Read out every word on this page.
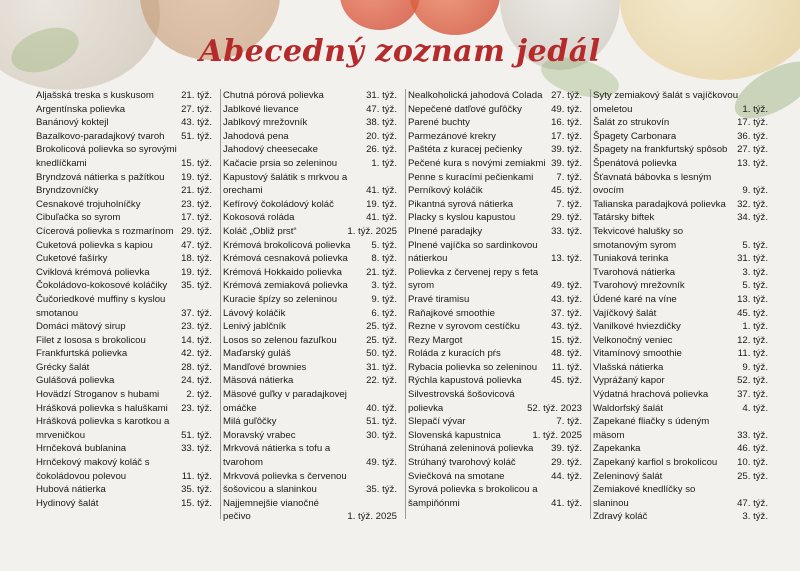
Abecedný zoznam jedál
Aljašská treska s kuskusom	21. týž.
Argentínska polievka	27. týž.
Banánový koktejl	43. týž.
Bazalkovo-paradajkový tvaroh	51. týž.
Brokolicová polievka so syrovými knedlíčkami	15. týž.
Bryndzová nátierka s pažítkou	19. týž.
Bryndzovníčky	21. týž.
Cesnakové trojuholníčky	23. týž.
Cibuľačka so syrom	17. týž.
Cícerová polievka s rozmarínom 29. týž.
Cuketová polievka s kapiou	47. týž.
Cuketové fašírky	18. týž.
Cviklová krémová polievka	19. týž.
Čokoládovo-kokosové koláčiky	35. týž.
Čučoriedkové muffiny s kyslou smotanou	37. týž.
Domáci mätový sirup	23. týž.
Filet z lososa s brokolicou	14. týž.
Frankfurtská polievka	42. týž.
Grécky šalát	28. týž.
Gulášová polievka	24. týž.
Hovädzí Stroganov s hubami	2. týž.
Hrášková polievka s haluškami	23. týž.
Hrášková polievka s karotkou a mrveničkou	51. týž.
Hrnčeková bublanina	33. týž.
Hrnčekový makový koláč s čokoládovou polevou	11. týž.
Hubová nátierka	35. týž.
Hydinový šalát	15. týž.
Chutná pórová polievka	31. týž.
Jablkové lievance	47. týž.
Jablkový mrežovník	38. týž.
Jahodová pena	20. týž.
Jahodový cheesecake	26. týž.
Kačacie prsia so zeleninou	1. týž.
Kapustový šalátik s mrkvou a orechami	41. týž.
Kefírový čokoládový koláč	19. týž.
Kokosová roláda	41. týž.
Koláč „Obliž prst“	1. týž. 2025
Krémová brokolicová polievka	5. týž.
Krémová cesnaková polievka	8. týž.
Krémová Hokkaido polievka	21. týž.
Krémová zemiaková polievka	3. týž.
Kuracie špízy so zeleninou	9. týž.
Lávový koláčik	6. týž.
Lenivý jablčník	25. týž.
Losos so zelenou fazuľkou	25. týž.
Maďarský guláš	50. týž.
Mandľové brownies	31. týž.
Mäsová nátierka	22. týž.
Mäsové guľky v paradajkovej omáčke	40. týž.
Milá guľôčky	51. týž.
Moravský vrabec	30. týž.
Mrkvová nátierka s tofu a tvarohom	49. týž.
Mrkvová polievka s červenou šošovicou a slaninkou	35. týž.
Najjemnejšie vianočné pečivo	1. týž. 2025
Nealkoholická jahodová Colada 27. týž.
Nepečené datľové guľôčky	49. týž.
Parené buchty	16. týž.
Parmezánové krekry	17. týž.
Paštéta z kuracej pečienky	39. týž.
Pečené kura s novými zemiakmi 39. týž.
Penne s kuracími pečienkami	7. týž.
Perníkový koláčik	45. týž.
Pikantná syrová nátierka	7. týž.
Placky s kyslou kapustou	29. týž.
Plnené paradajky	33. týž.
Plnené vajíčka so sardinkovou nátierkou	13. týž.
Polievka z červenej repy s feta syrom	49. týž.
Pravé tiramisu	43. týž.
Raňajkové smoothie	37. týž.
Rezne v syrovom cestíčku	43. týž.
Rezy Margot	15. týž.
Roláda z kuracích pŕs	48. týž.
Rybacia polievka so zeleninou	11. týž.
Rýchla kapustová polievka	45. týž.
Silvestrovská šošovicová polievka	52. týž. 2023
Slepačí vývar	7. týž.
Slovenská kapustnica	1. týž. 2025
Strúhaná zeleninová polievka	39. týž.
Strúhaný tvarohový koláč	29. týž.
Sviečková na smotane	44. týž.
Syrová polievka s brokolicou a šampiňónmi	41. týž.
Syty zemiakový šalát s vajíčkovou omeletou	1. týž.
Šalát zo strukovín	17. týž.
Špagety Carbonara	36. týž.
Špagety na frankfurtský spôsob	27. týž.
Špenátová polievka	13. týž.
Šťavnatá bábovka s lesným ovocím	9. týž.
Talianska paradajková polievka	32. týž.
Tatársky biftek	34. týž.
Tekvicové halušky so smotanovým syrom	5. týž.
Tuniaková terinka	31. týž.
Tvarohová nátierka	3. týž.
Tvarohový mrežovník	5. týž.
Údené karé na víne	13. týž.
Vajíčkový šalát	45. týž.
Vanilkové hviezdičky	1. týž.
Velkonočný veniec	12. týž.
Vitamínový smoothie	11. týž.
Vlašská nátierka	9. týž.
Vyprážaný kapor	52. týž.
Výdatná hrachová polievka	37. týž.
Waldorfský šalát	4. týž.
Zapekané fliačky s údeným mäsom	33. týž.
Zapekanka	46. týž.
Zapekaný karfiol s brokolicou	10. týž.
Zeleninový šalát	25. týž.
Zemiakové knedlíčky so slaninou	47. týž.
Zdravý koláč	3. týž.
